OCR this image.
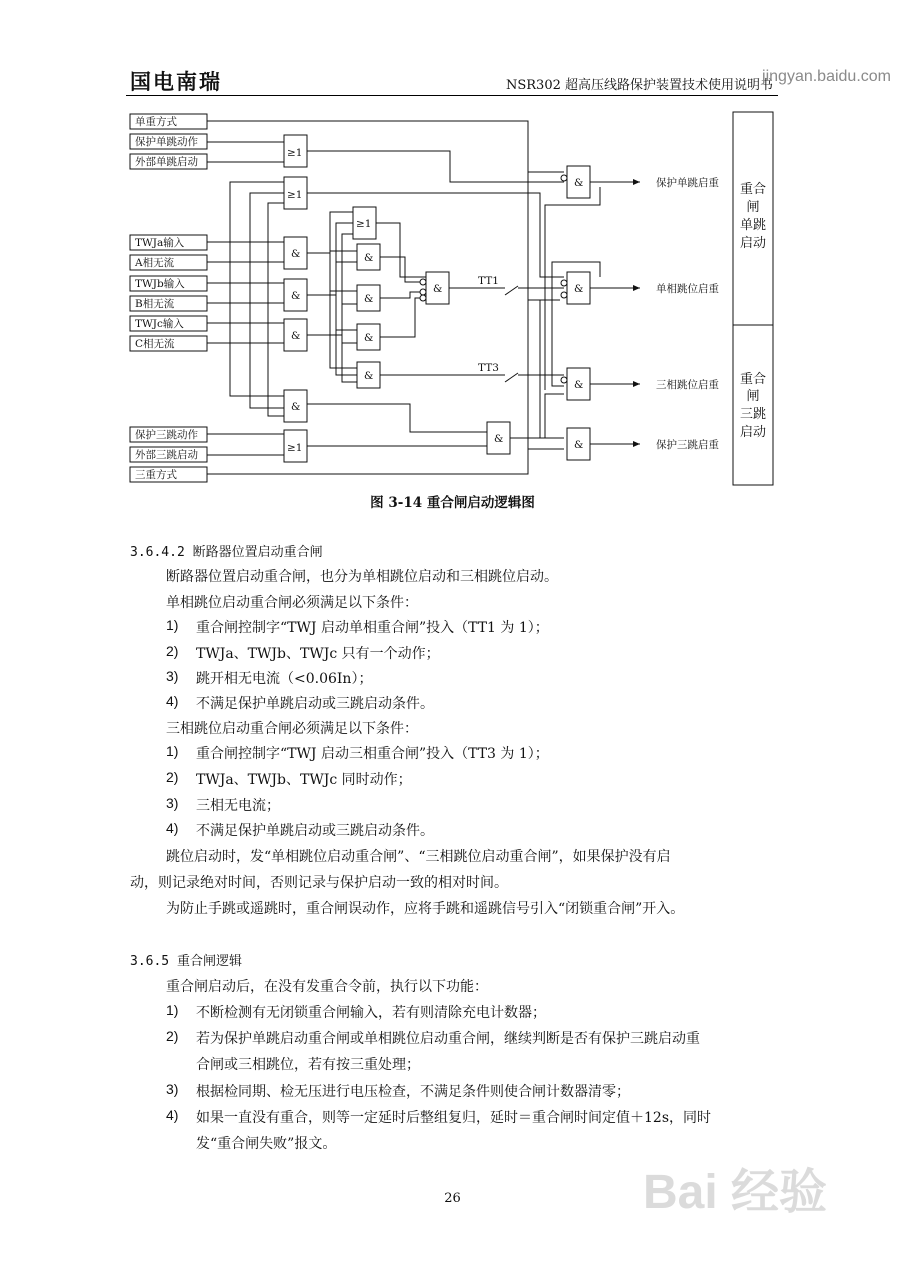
国电南瑞	NSR302 超高压线路保护装置技术使用说明书
单重方式
保护单跳动作
外部单跳启动
TWJa输入
A相无流
TWJb输入
B相无流
TWJc输入
C相无流
保护三跳动作
外部三跳启动
三重方式
≥1
≥1
≥1
≥1
&
&
&
&
&
&
&
&
&
&
&
&
&
&
TT1
TT3
保护单跳启重
单相跳位启重
三相跳位启重
保护三跳启重
重合闸单跳启动
重合闸三跳启动
图 3-14 重合闸启动逻辑图
3.6.4.2 断路器位置启动重合闸
断路器位置启动重合闸，也分为单相跳位启动和三相跳位启动。
单相跳位启动重合闸必须满足以下条件：
1) 重合闸控制字“TWJ 启动单相重合闸”投入（TT1 为 1）；
2) TWJa、TWJb、TWJc 只有一个动作；
3) 跳开相无电流（<0.06In）；
4) 不满足保护单跳启动或三跳启动条件。
三相跳位启动重合闸必须满足以下条件：
1) 重合闸控制字“TWJ 启动三相重合闸”投入（TT3 为 1）；
2) TWJa、TWJb、TWJc 同时动作；
3) 三相无电流；
4) 不满足保护单跳启动或三跳启动条件。
跳位启动时，发“单相跳位启动重合闸”、“三相跳位启动重合闸”，如果保护没有启
动，则记录绝对时间，否则记录与保护启动一致的相对时间。
为防止手跳或遥跳时，重合闸误动作，应将手跳和遥跳信号引入“闭锁重合闸”开入。
3.6.5 重合闸逻辑
重合闸启动后，在没有发重合令前，执行以下功能：
1) 不断检测有无闭锁重合闸输入，若有则清除充电计数器；
2) 若为保护单跳启动重合闸或单相跳位启动重合闸，继续判断是否有保护三跳启动重
合闸或三相跳位，若有按三重处理；
3) 根据检同期、检无压进行电压检查，不满足条件则使合闸计数器清零；
4) 如果一直没有重合，则等一定延时后整组复归，延时＝重合闸时间定值＋12s，同时
发“重合闸失败”报文。
26	Bai 经验
jingyan.baidu.com
